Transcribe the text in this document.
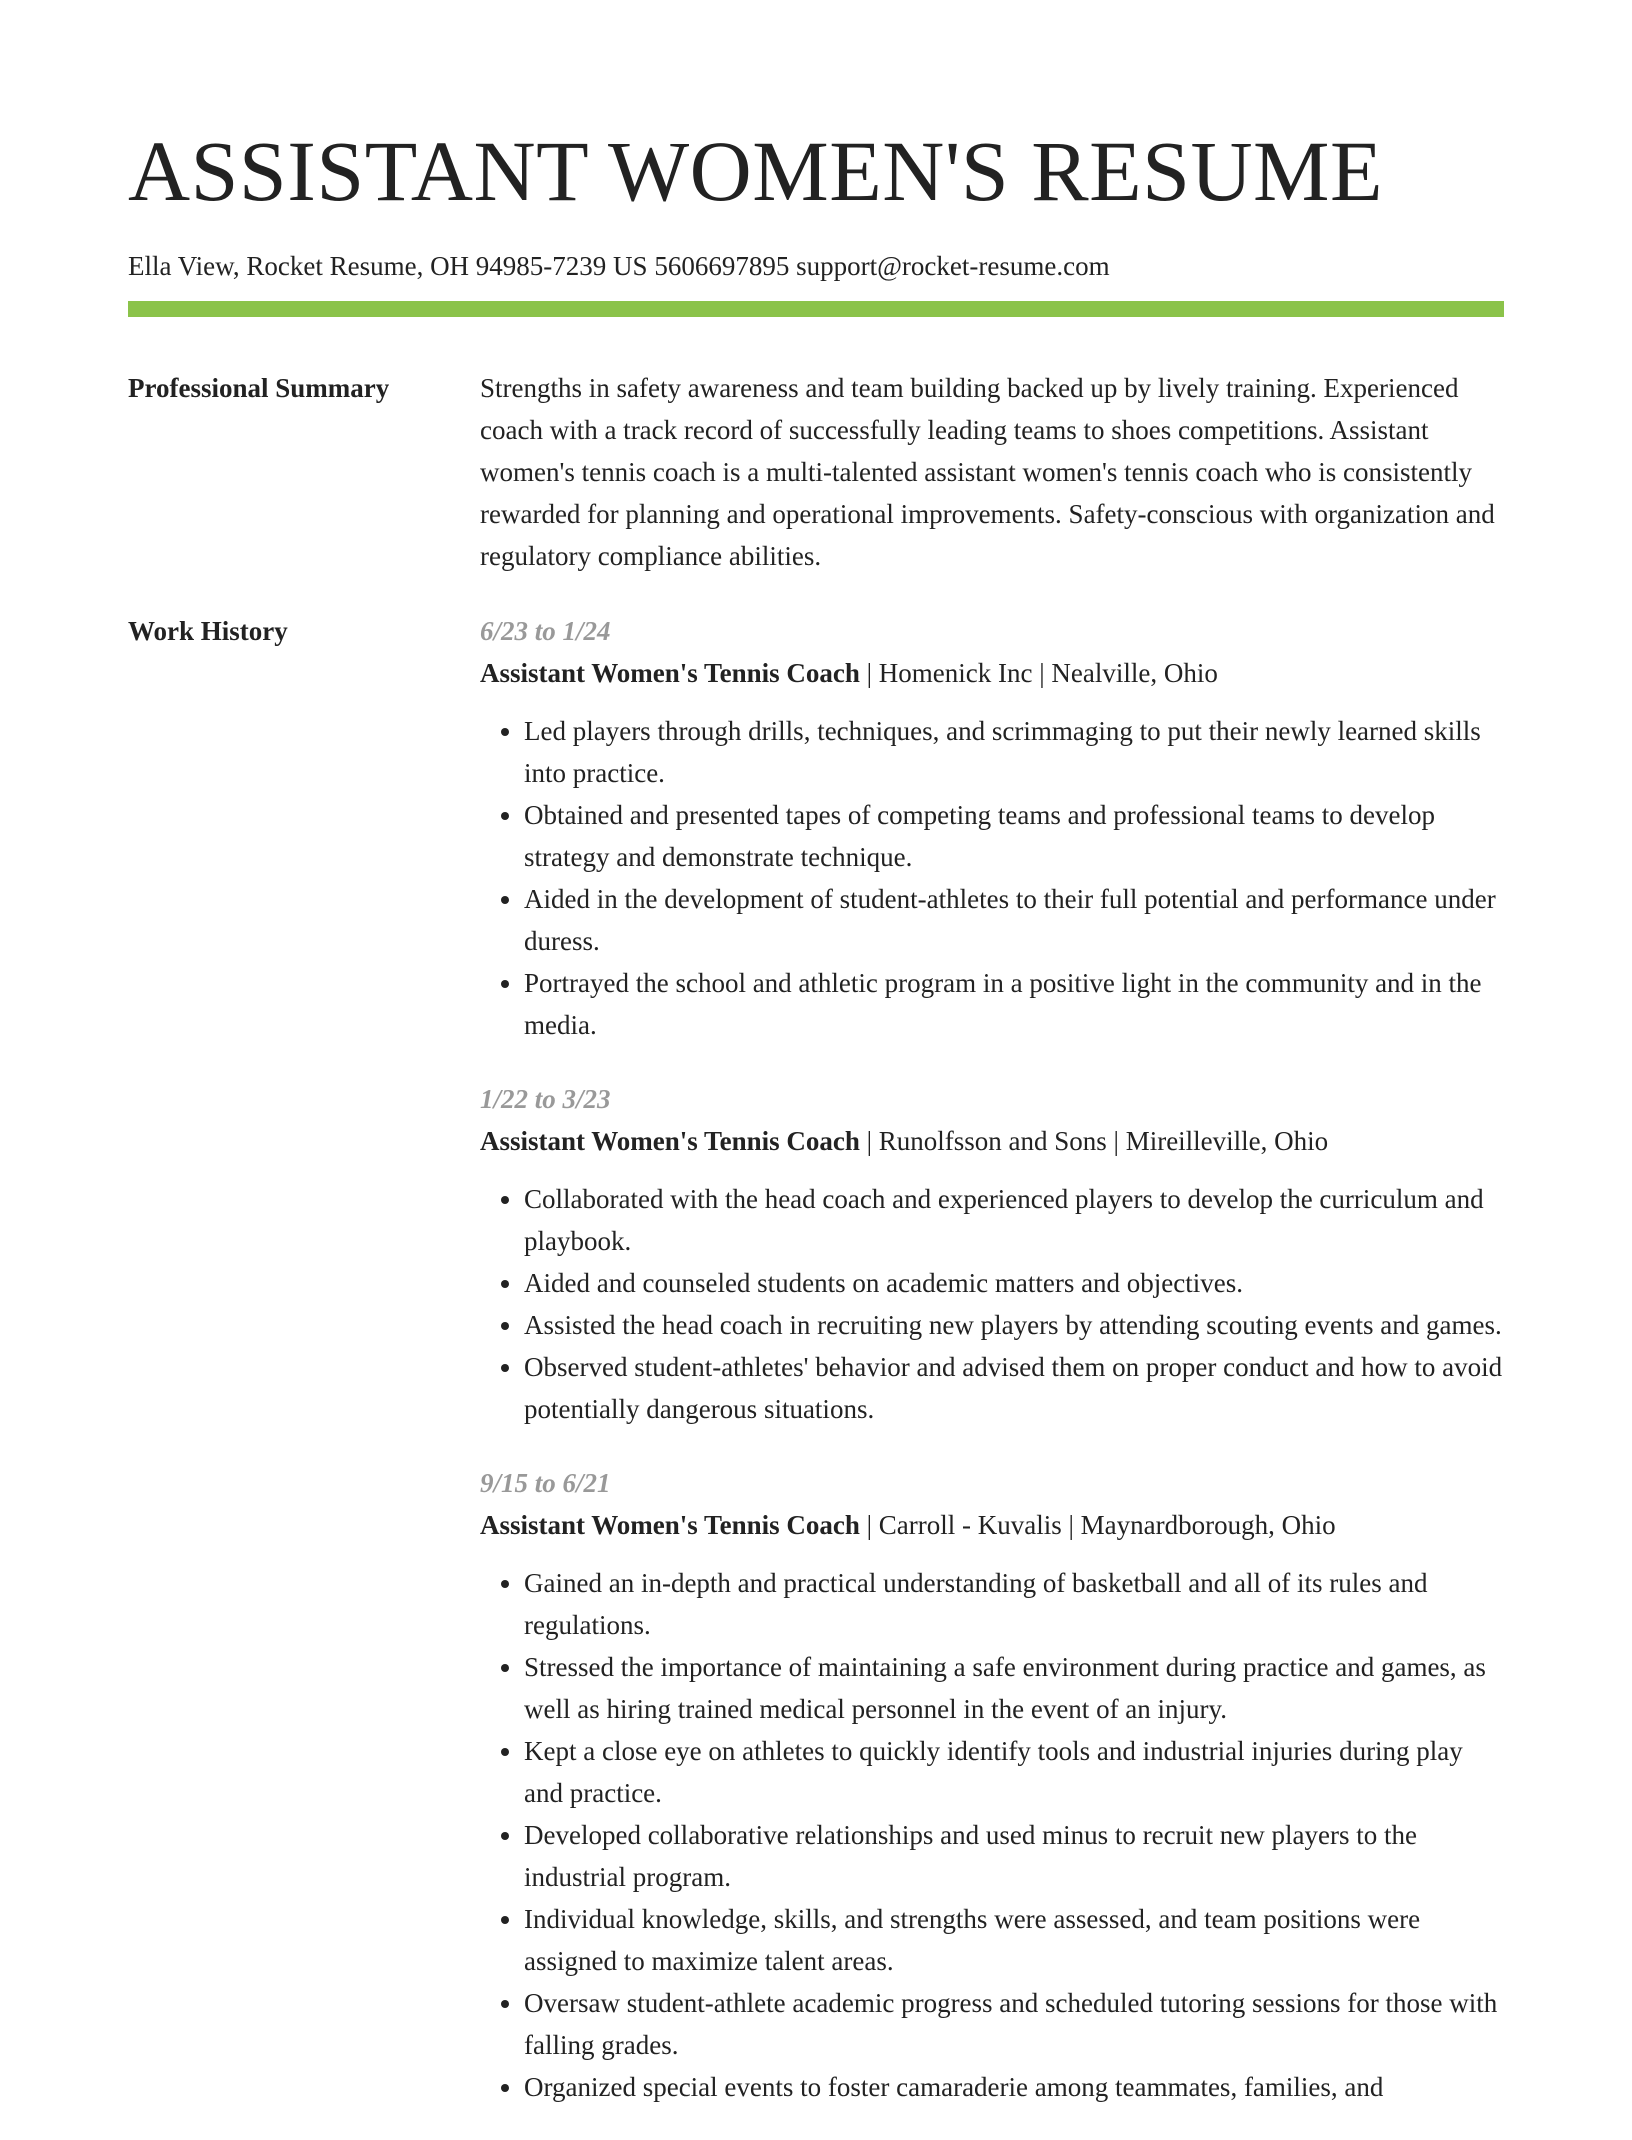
ASSISTANT WOMEN'S RESUME
Ella View, Rocket Resume, OH 94985-7239 US 5606697895 support@rocket-resume.com
Professional Summary	Strengths in safety awareness and team building backed up by lively training. Experienced coach with a track record of successfully leading teams to shoes competitions. Assistant women's tennis coach is a multi-talented assistant women's tennis coach who is consistently rewarded for planning and operational improvements. Safety-conscious with organization and regulatory compliance abilities.

Work History	6/23 to 1/24
Assistant Women's Tennis Coach | Homenick Inc | Nealville, Ohio
• Led players through drills, techniques, and scrimmaging to put their newly learned skills into practice.
• Obtained and presented tapes of competing teams and professional teams to develop strategy and demonstrate technique.
• Aided in the development of student-athletes to their full potential and performance under duress.
• Portrayed the school and athletic program in a positive light in the community and in the media.
1/22 to 3/23
Assistant Women's Tennis Coach | Runolfsson and Sons | Mireilleville, Ohio
• Collaborated with the head coach and experienced players to develop the curriculum and playbook.
• Aided and counseled students on academic matters and objectives.
• Assisted the head coach in recruiting new players by attending scouting events and games.
• Observed student-athletes' behavior and advised them on proper conduct and how to avoid potentially dangerous situations.
9/15 to 6/21
Assistant Women's Tennis Coach | Carroll - Kuvalis | Maynardborough, Ohio
• Gained an in-depth and practical understanding of basketball and all of its rules and regulations.
• Stressed the importance of maintaining a safe environment during practice and games, as well as hiring trained medical personnel in the event of an injury.
• Kept a close eye on athletes to quickly identify tools and industrial injuries during play and practice.
• Developed collaborative relationships and used minus to recruit new players to the industrial program.
• Individual knowledge, skills, and strengths were assessed, and team positions were assigned to maximize talent areas.
• Oversaw student-athlete academic progress and scheduled tutoring sessions for those with falling grades.
• Organized special events to foster camaraderie among teammates, families, and
